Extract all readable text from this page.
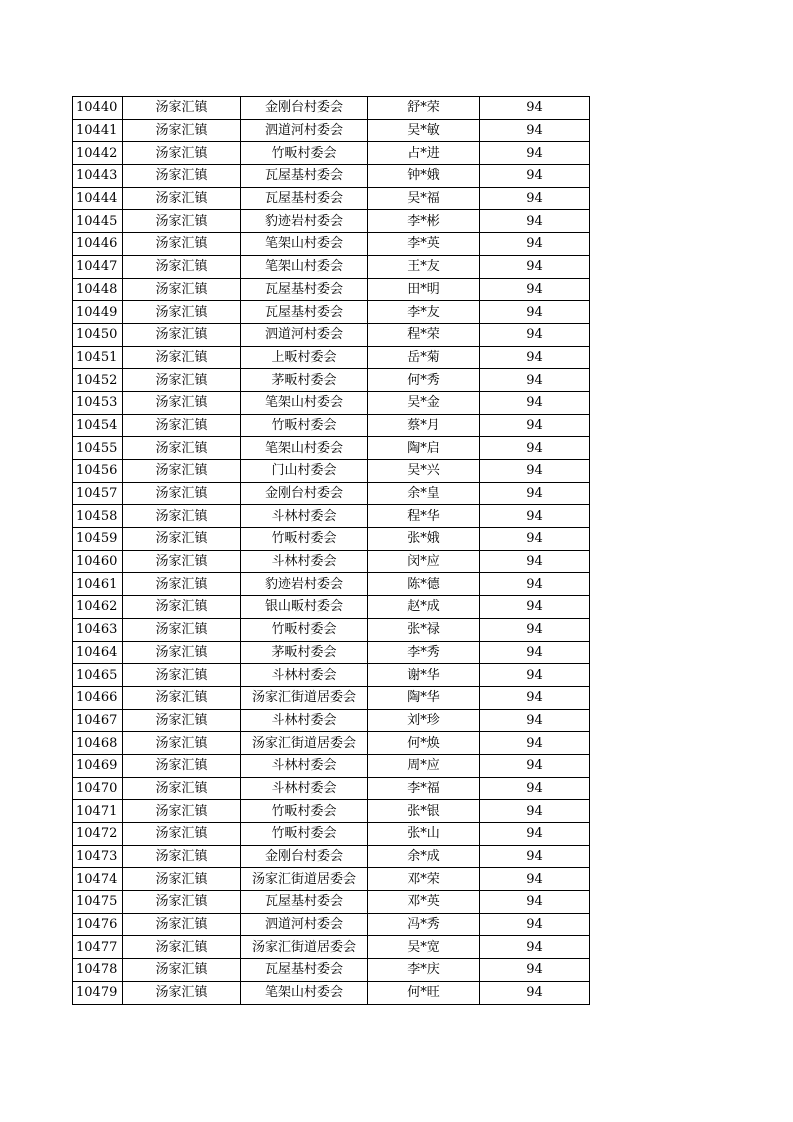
10440	汤家汇镇	金刚台村委会	舒*荣	94
10441	汤家汇镇	泗道河村委会	吴*敏	94
10442	汤家汇镇	竹畈村委会	占*进	94
10443	汤家汇镇	瓦屋基村委会	钟*娥	94
10444	汤家汇镇	瓦屋基村委会	吴*福	94
10445	汤家汇镇	豹迹岩村委会	李*彬	94
10446	汤家汇镇	笔架山村委会	李*英	94
10447	汤家汇镇	笔架山村委会	王*友	94
10448	汤家汇镇	瓦屋基村委会	田*明	94
10449	汤家汇镇	瓦屋基村委会	李*友	94
10450	汤家汇镇	泗道河村委会	程*荣	94
10451	汤家汇镇	上畈村委会	岳*菊	94
10452	汤家汇镇	茅畈村委会	何*秀	94
10453	汤家汇镇	笔架山村委会	吴*金	94
10454	汤家汇镇	竹畈村委会	蔡*月	94
10455	汤家汇镇	笔架山村委会	陶*启	94
10456	汤家汇镇	门山村委会	吴*兴	94
10457	汤家汇镇	金刚台村委会	余*皇	94
10458	汤家汇镇	斗林村委会	程*华	94
10459	汤家汇镇	竹畈村委会	张*娥	94
10460	汤家汇镇	斗林村委会	闵*应	94
10461	汤家汇镇	豹迹岩村委会	陈*德	94
10462	汤家汇镇	银山畈村委会	赵*成	94
10463	汤家汇镇	竹畈村委会	张*禄	94
10464	汤家汇镇	茅畈村委会	李*秀	94
10465	汤家汇镇	斗林村委会	谢*华	94
10466	汤家汇镇	汤家汇街道居委会	陶*华	94
10467	汤家汇镇	斗林村委会	刘*珍	94
10468	汤家汇镇	汤家汇街道居委会	何*焕	94
10469	汤家汇镇	斗林村委会	周*应	94
10470	汤家汇镇	斗林村委会	李*福	94
10471	汤家汇镇	竹畈村委会	张*银	94
10472	汤家汇镇	竹畈村委会	张*山	94
10473	汤家汇镇	金刚台村委会	余*成	94
10474	汤家汇镇	汤家汇街道居委会	邓*荣	94
10475	汤家汇镇	瓦屋基村委会	邓*英	94
10476	汤家汇镇	泗道河村委会	冯*秀	94
10477	汤家汇镇	汤家汇街道居委会	吴*宽	94
10478	汤家汇镇	瓦屋基村委会	李*庆	94
10479	汤家汇镇	笔架山村委会	何*旺	94
